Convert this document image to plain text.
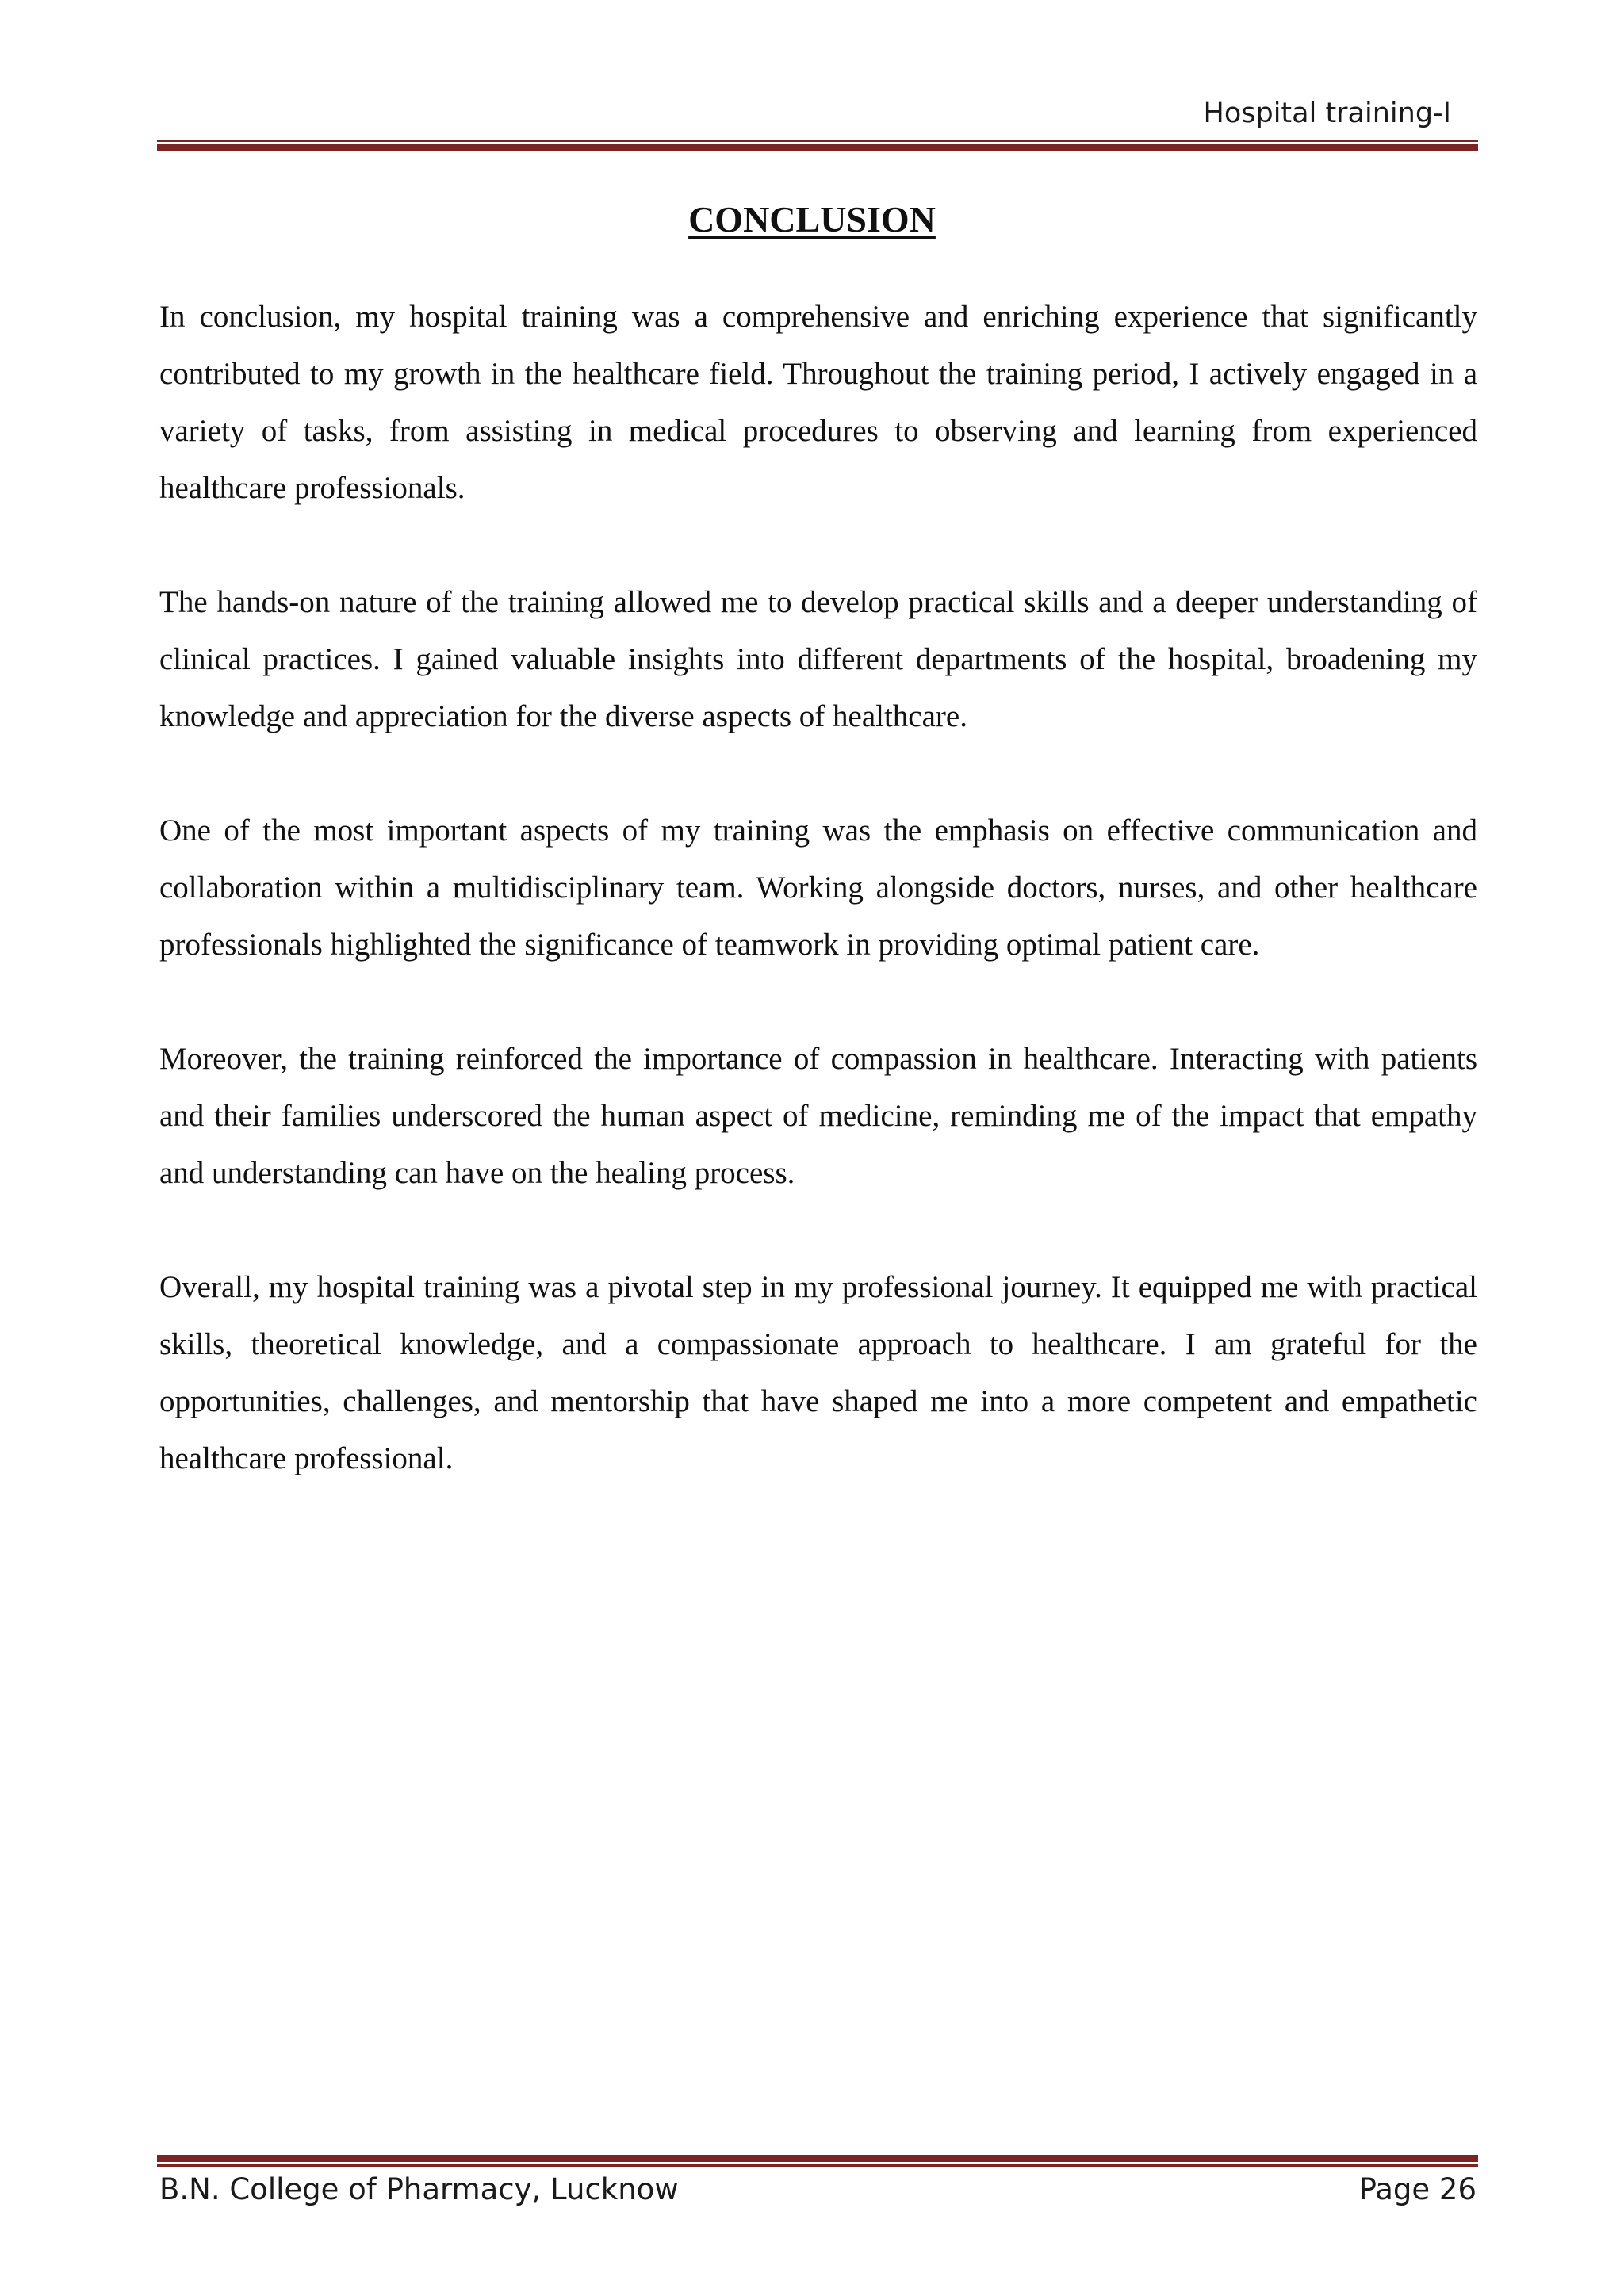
Hospital training-I
CONCLUSION

In conclusion, my hospital training was a comprehensive and enriching experience that significantly contributed to my growth in the healthcare field. Throughout the training period, I actively engaged in a variety of tasks, from assisting in medical procedures to observing and learning from experienced healthcare professionals.

The hands-on nature of the training allowed me to develop practical skills and a deeper understanding of clinical practices. I gained valuable insights into different departments of the hospital, broadening my knowledge and appreciation for the diverse aspects of healthcare.

One of the most important aspects of my training was the emphasis on effective communication and collaboration within a multidisciplinary team. Working alongside doctors, nurses, and other healthcare professionals highlighted the significance of teamwork in providing optimal patient care.

Moreover, the training reinforced the importance of compassion in healthcare. Interacting with patients and their families underscored the human aspect of medicine, reminding me of the impact that empathy and understanding can have on the healing process.

Overall, my hospital training was a pivotal step in my professional journey. It equipped me with practical skills, theoretical knowledge, and a compassionate approach to healthcare. I am grateful for the opportunities, challenges, and mentorship that have shaped me into a more competent and empathetic healthcare professional.

B.N. College of Pharmacy, Lucknow	Page 26
